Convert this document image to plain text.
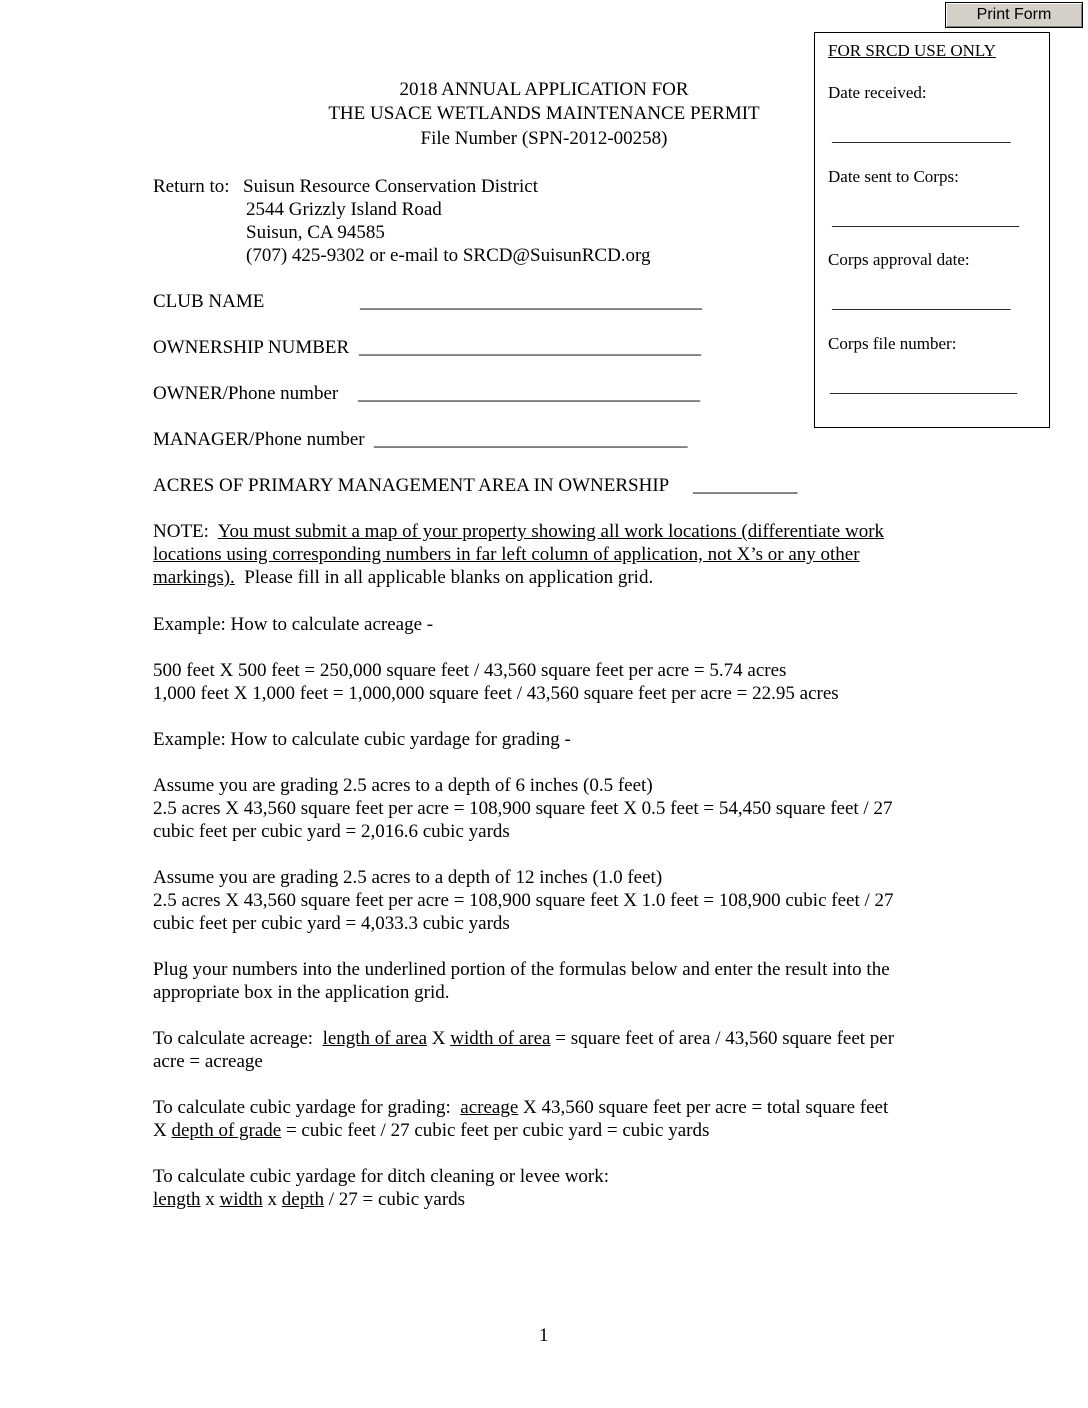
Print Form
FOR SRCD USE ONLY
Date received:
_____________________
Date sent to Corps:
______________________
Corps approval date:
_____________________
Corps file number:
______________________
2018 ANNUAL APPLICATION FOR
THE USACE WETLANDS MAINTENANCE PERMIT
File Number (SPN-2012-00258)
Return to: Suisun Resource Conservation District
2544 Grizzly Island Road
Suisun, CA 94585
(707) 425-9302 or e-mail to SRCD@SuisunRCD.org
CLUB NAME	____________________________________
OWNERSHIP NUMBER ____________________________________
OWNER/Phone number ____________________________________
MANAGER/Phone number _________________________________
ACRES OF PRIMARY MANAGEMENT AREA IN OWNERSHIP ___________
NOTE: You must submit a map of your property showing all work locations (differentiate work
locations using corresponding numbers in far left column of application, not X’s or any other
markings). Please fill in all applicable blanks on application grid.
Example: How to calculate acreage -
500 feet X 500 feet = 250,000 square feet / 43,560 square feet per acre = 5.74 acres
1,000 feet X 1,000 feet = 1,000,000 square feet / 43,560 square feet per acre = 22.95 acres
Example: How to calculate cubic yardage for grading -
Assume you are grading 2.5 acres to a depth of 6 inches (0.5 feet)
2.5 acres X 43,560 square feet per acre = 108,900 square feet X 0.5 feet = 54,450 square feet / 27
cubic feet per cubic yard = 2,016.6 cubic yards
Assume you are grading 2.5 acres to a depth of 12 inches (1.0 feet)
2.5 acres X 43,560 square feet per acre = 108,900 square feet X 1.0 feet = 108,900 cubic feet / 27
cubic feet per cubic yard = 4,033.3 cubic yards
Plug your numbers into the underlined portion of the formulas below and enter the result into the
appropriate box in the application grid.
To calculate acreage: length of area X width of area = square feet of area / 43,560 square feet per
acre = acreage
To calculate cubic yardage for grading: acreage X 43,560 square feet per acre = total square feet
X depth of grade = cubic feet / 27 cubic feet per cubic yard = cubic yards
To calculate cubic yardage for ditch cleaning or levee work:
length x width x depth / 27 = cubic yards
1
